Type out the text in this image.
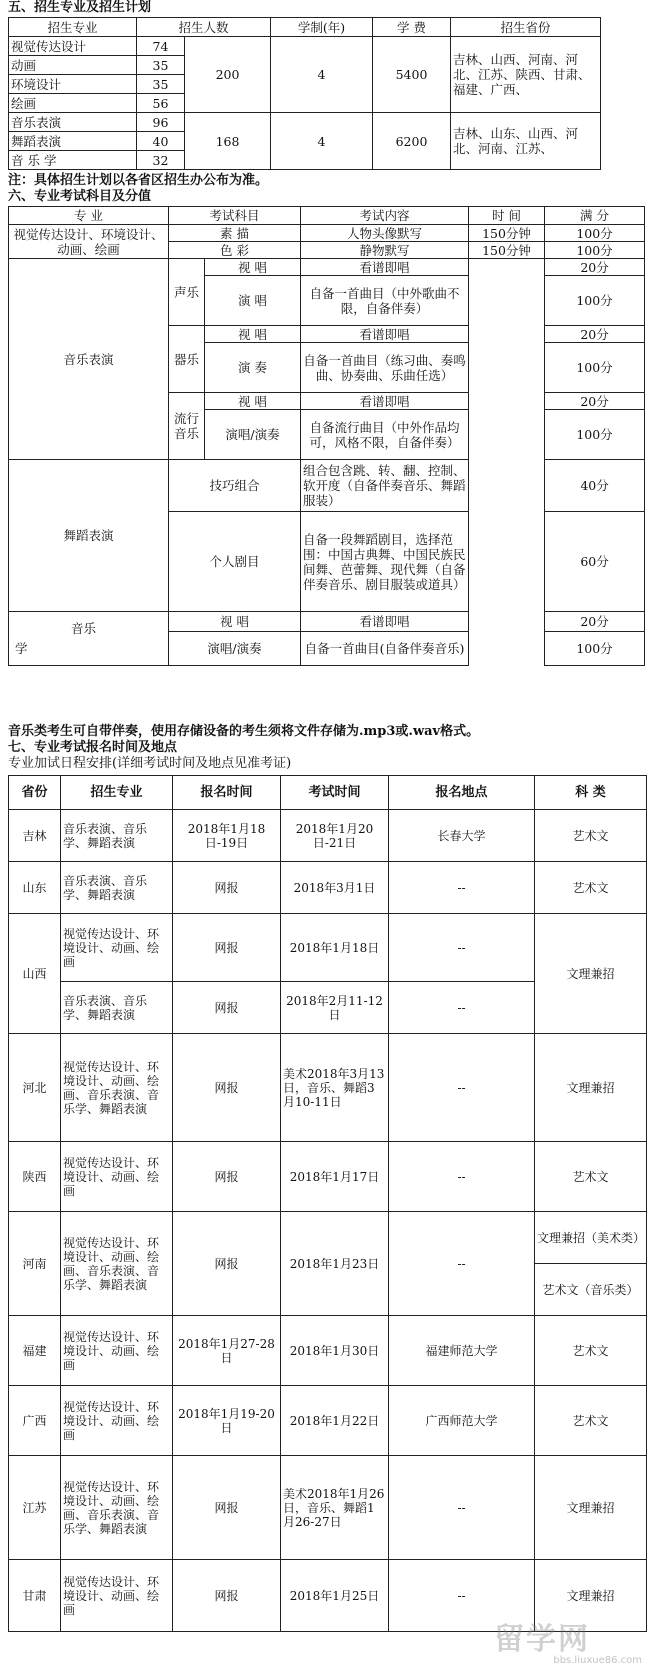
五、招生专业及招生计划
招生专业	招生人数		学制(年)	学 费	招生省份
视觉传达设计	74	200	4	5400	吉林、山西、河南、河北、江苏、陕西、甘肃、福建、广西、
动画	35				
环境设计	35				
绘画	56				
音乐表演	96	168	4	6200	吉林、山东、山西、河北、河南、江苏、
舞蹈表演	40				
音 乐 学	32				
注：具体招生计划以各省区招生办公布为准。
六、专业考试科目及分值
专 业	考试科目		考试内容	时 间	满 分
视觉传达设计、环境设计、动画、绘画	素 描		人物头像默写	150分钟	100分
	色 彩		静物默写	150分钟	100分
音乐表演	声乐	视 唱	看谱即唱		20分
		演 唱	自备一首曲目（中外歌曲不限，自备伴奏）		100分
	器乐	视 唱	看谱即唱		20分
		演 奏	自备一首曲目（练习曲、奏鸣曲、协奏曲、乐曲任选）		100分
	流行音乐	视 唱	看谱即唱		20分
		演唱/演奏	自备流行曲目（中外作品均可，风格不限，自备伴奏）		100分
舞蹈表演	技巧组合		组合包含跳、转、翻、控制、软开度（自备伴奏音乐、舞蹈服装）		40分
	个人剧目		自备一段舞蹈剧目，选择范围：中国古典舞、中国民族民间舞、芭蕾舞、现代舞（自备伴奏音乐、剧目服装或道具）		60分

音乐
学	视 唱		看谱即唱		20分
	演唱/演奏		自备一首曲目(自备伴奏音乐)		100分
音乐类考生可自带伴奏，使用存储设备的考生须将文件存储为.mp3或.wav格式。
七、专业考试报名时间及地点
专业加试日程安排(详细考试时间及地点见准考证)
省份	招生专业	报名时间	考试时间	报名地点	科 类
吉林	音乐表演、音乐学、舞蹈表演	2018年1月18日-19日	2018年1月20日-21日	长春大学	艺术文
山东	音乐表演、音乐学、舞蹈表演	网报	2018年3月1日	--	艺术文
山西	视觉传达设计、环境设计、动画、绘画	网报	2018年1月18日	--	文理兼招
	音乐表演、音乐学、舞蹈表演	网报	2018年2月11-12日	--	
河北	视觉传达设计、环境设计、动画、绘画、音乐表演、音乐学、舞蹈表演	网报	美术2018年3月13日，音乐、舞蹈3月10-11日	--	文理兼招
陕西	视觉传达设计、环境设计、动画、绘画	网报	2018年1月17日	--	艺术文
河南	视觉传达设计、环境设计、动画、绘画、音乐表演、音乐学、舞蹈表演	网报	2018年1月23日	--	文理兼招（美术类）
					艺术文（音乐类）
福建	视觉传达设计、环境设计、动画、绘画	2018年1月27-28日	2018年1月30日	福建师范大学	艺术文
广西	视觉传达设计、环境设计、动画、绘画	2018年1月19-20日	2018年1月22日	广西师范大学	艺术文
江苏	视觉传达设计、环境设计、动画、绘画、音乐表演、音乐学、舞蹈表演	网报	美术2018年1月26日，音乐、舞蹈1月26-27日	--	文理兼招
甘肃	视觉传达设计、环境设计、动画、绘画	网报	2018年1月25日	--	文理兼招
留学网
bbs.liuxue86.com
